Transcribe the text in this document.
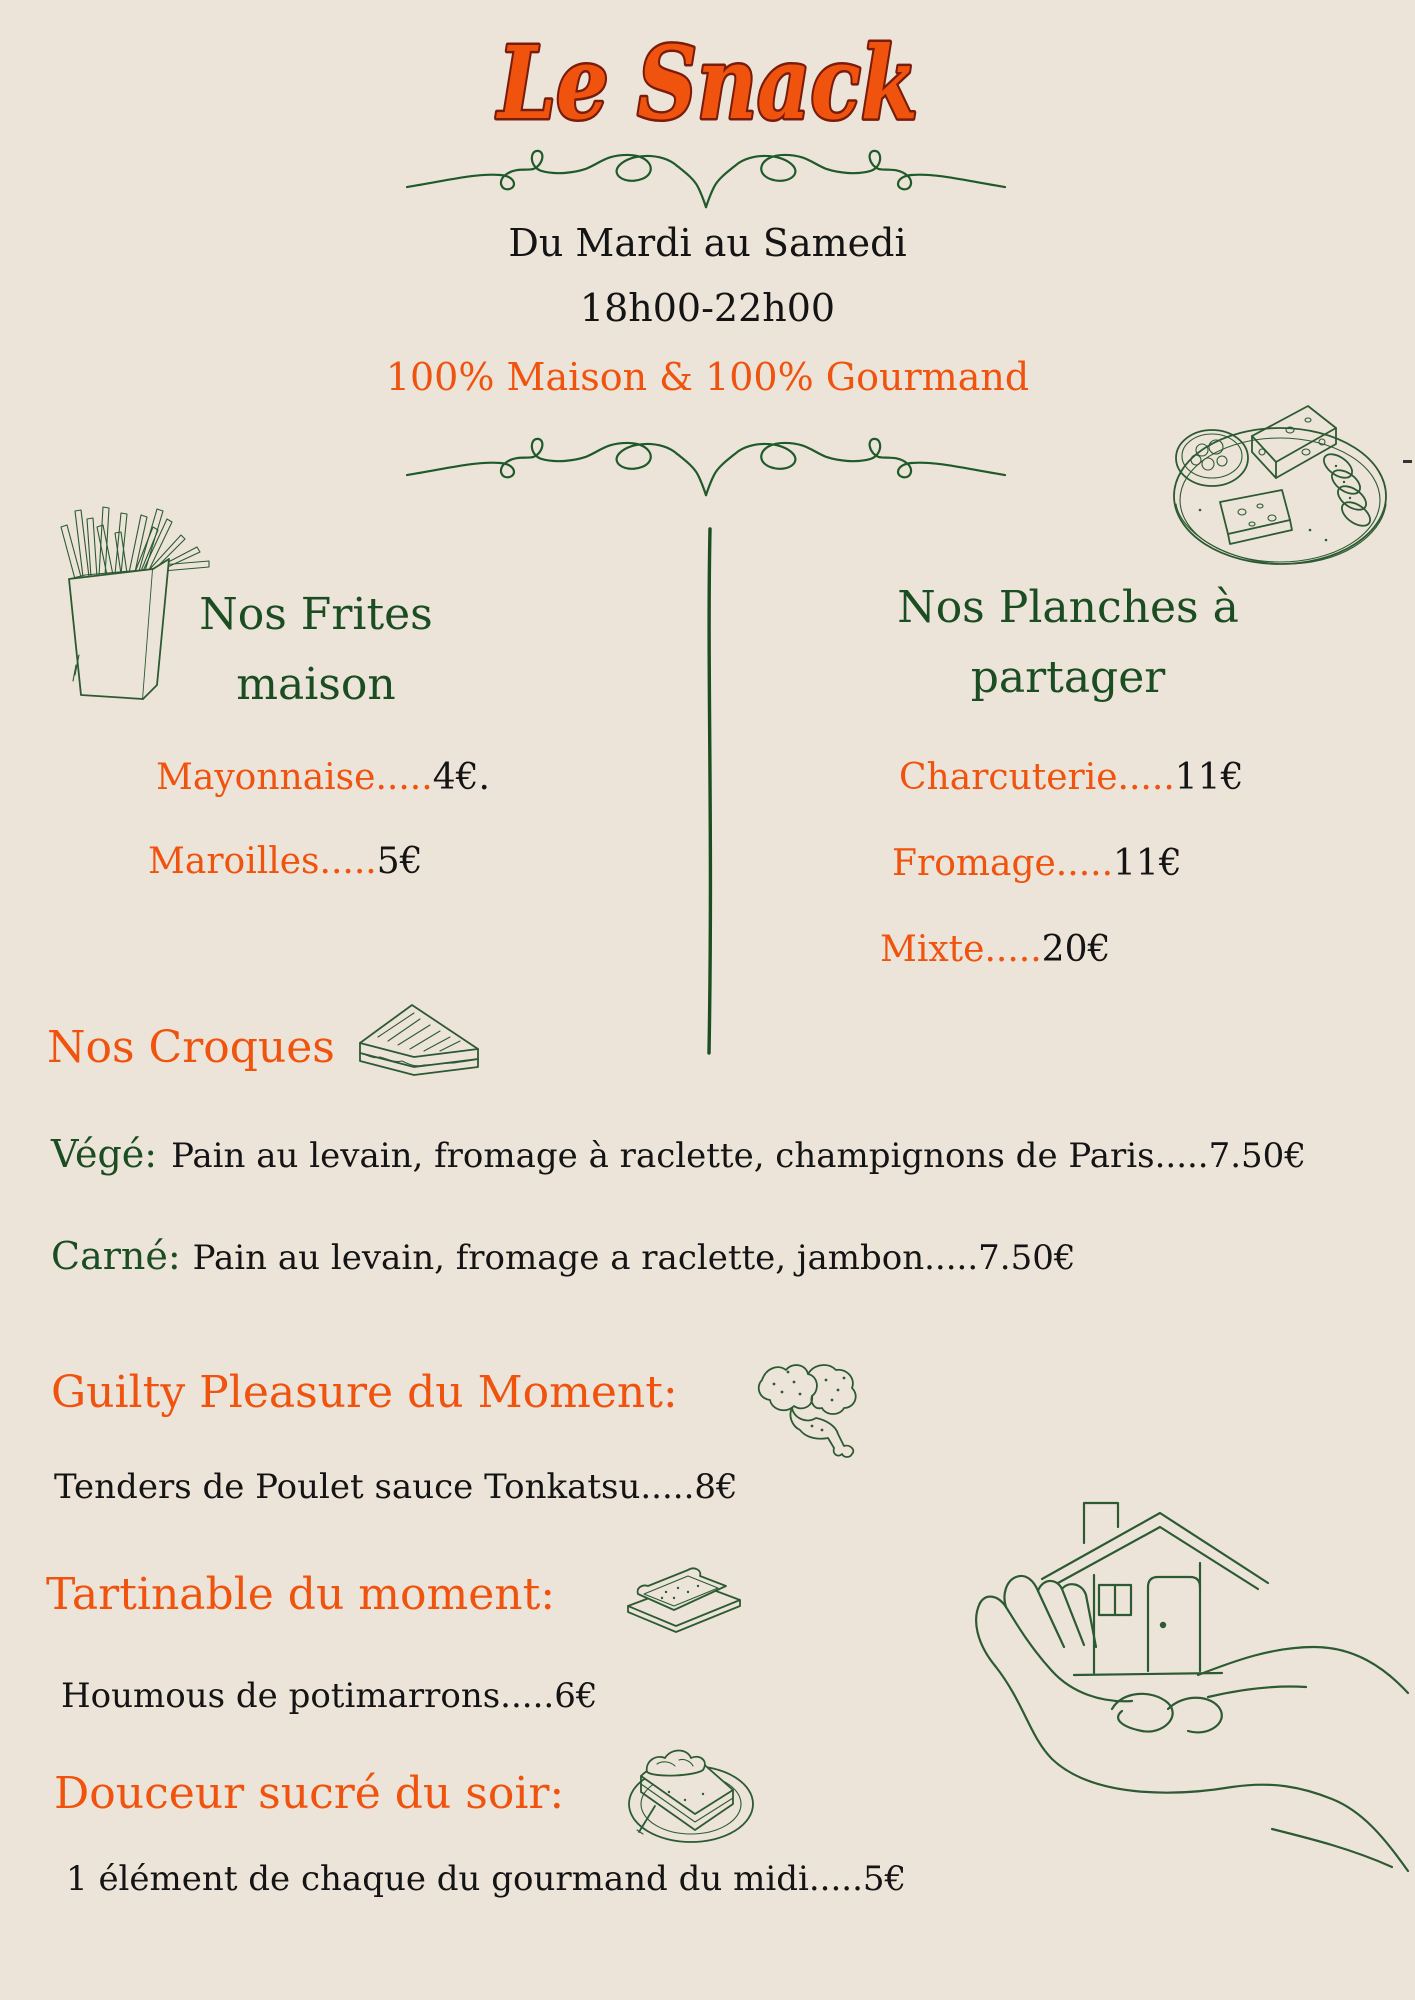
Le Snack
Du Mardi au Samedi
18h00-22h00
100% Maison & 100% Gourmand
Nos Frites
maison
Nos Planches à
partager
Mayonnaise.....4€.
Maroilles.....5€
Charcuterie.....11€
Fromage.....11€
Mixte.....20€
Nos Croques
Végé: Pain au levain, fromage à raclette, champignons de Paris.....7.50€
Carné: Pain au levain, fromage a raclette, jambon.....7.50€
Guilty Pleasure du Moment:
Tenders de Poulet sauce Tonkatsu.....8€
Tartinable du moment:
Houmous de potimarrons.....6€
Douceur sucré du soir:
1 élément de chaque du gourmand du midi.....5€
